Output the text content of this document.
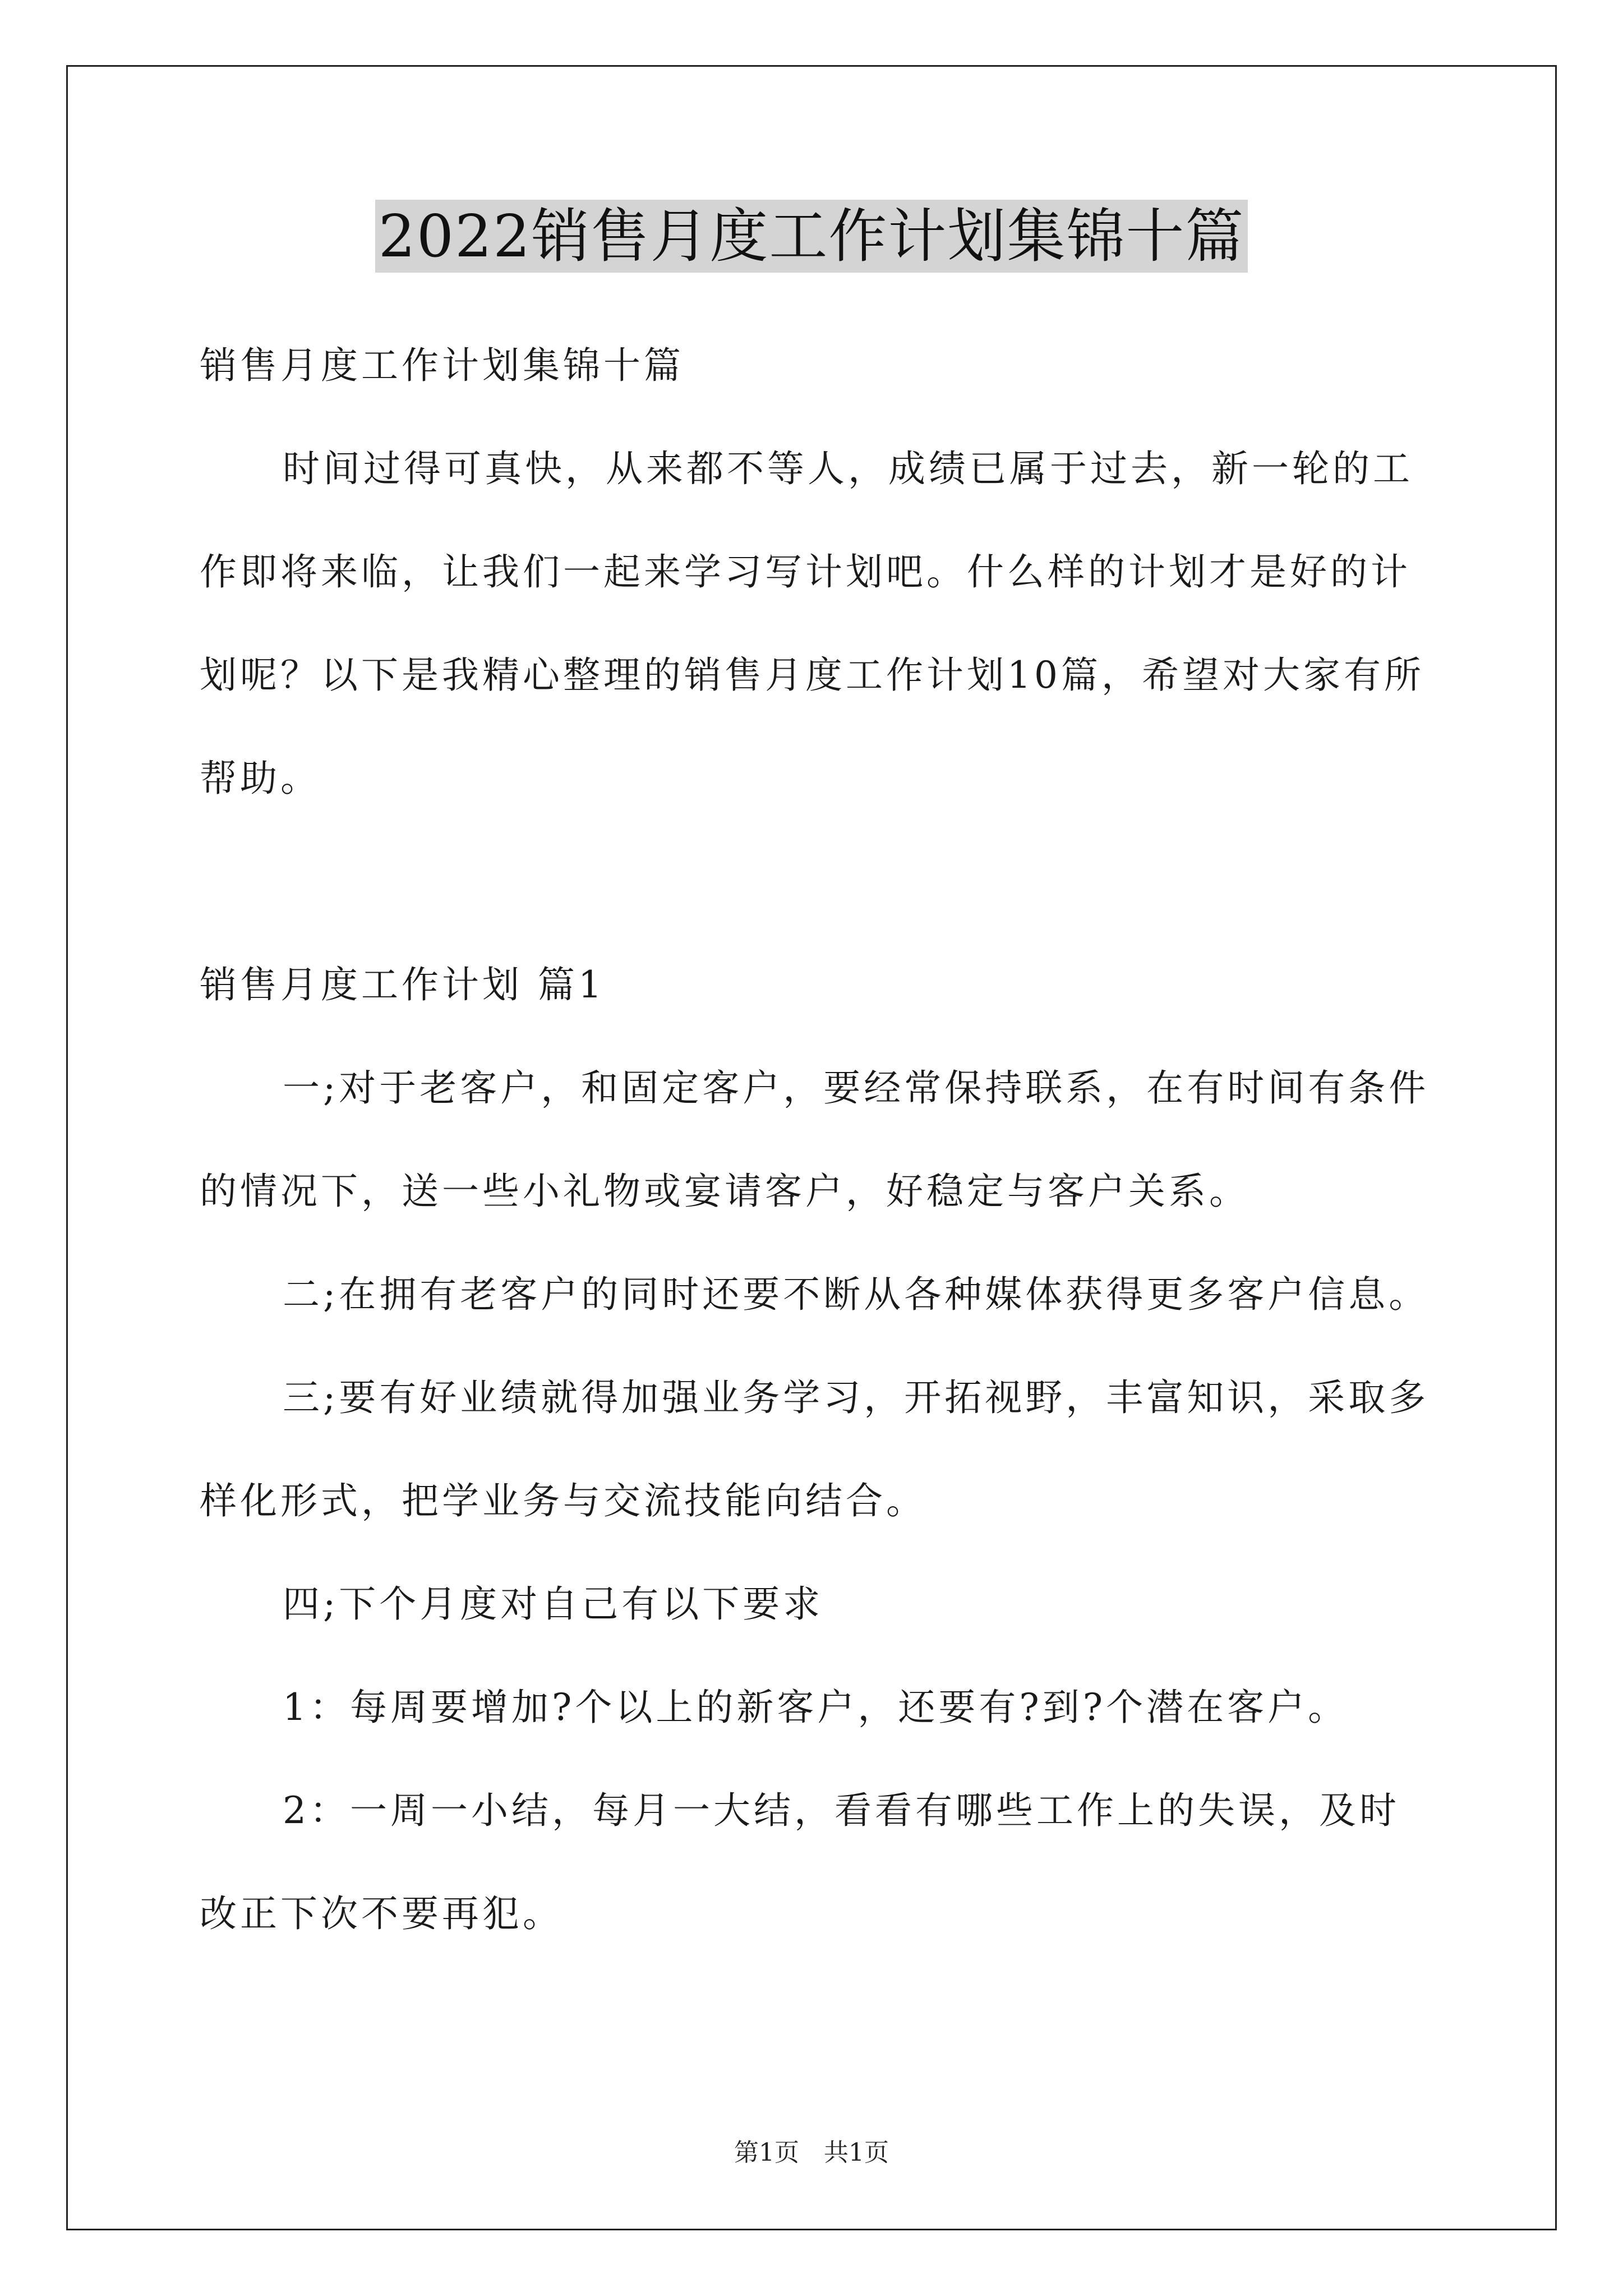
2022销售月度工作计划集锦十篇

销售月度工作计划集锦十篇

时间过得可真快，从来都不等人，成绩已属于过去，新一轮的工作即将来临，让我们一起来学习写计划吧。什么样的计划才是好的计划呢？以下是我精心整理的销售月度工作计划10篇，希望对大家有所帮助。

销售月度工作计划 篇1

一;对于老客户，和固定客户，要经常保持联系，在有时间有条件的情况下，送一些小礼物或宴请客户，好稳定与客户关系。

二;在拥有老客户的同时还要不断从各种媒体获得更多客户信息。

三;要有好业绩就得加强业务学习，开拓视野，丰富知识，采取多样化形式，把学业务与交流技能向结合。

四;下个月度对自己有以下要求

1：每周要增加?个以上的新客户，还要有?到?个潜在客户。

2：一周一小结，每月一大结，看看有哪些工作上的失误，及时改正下次不要再犯。

第1页　共1页
